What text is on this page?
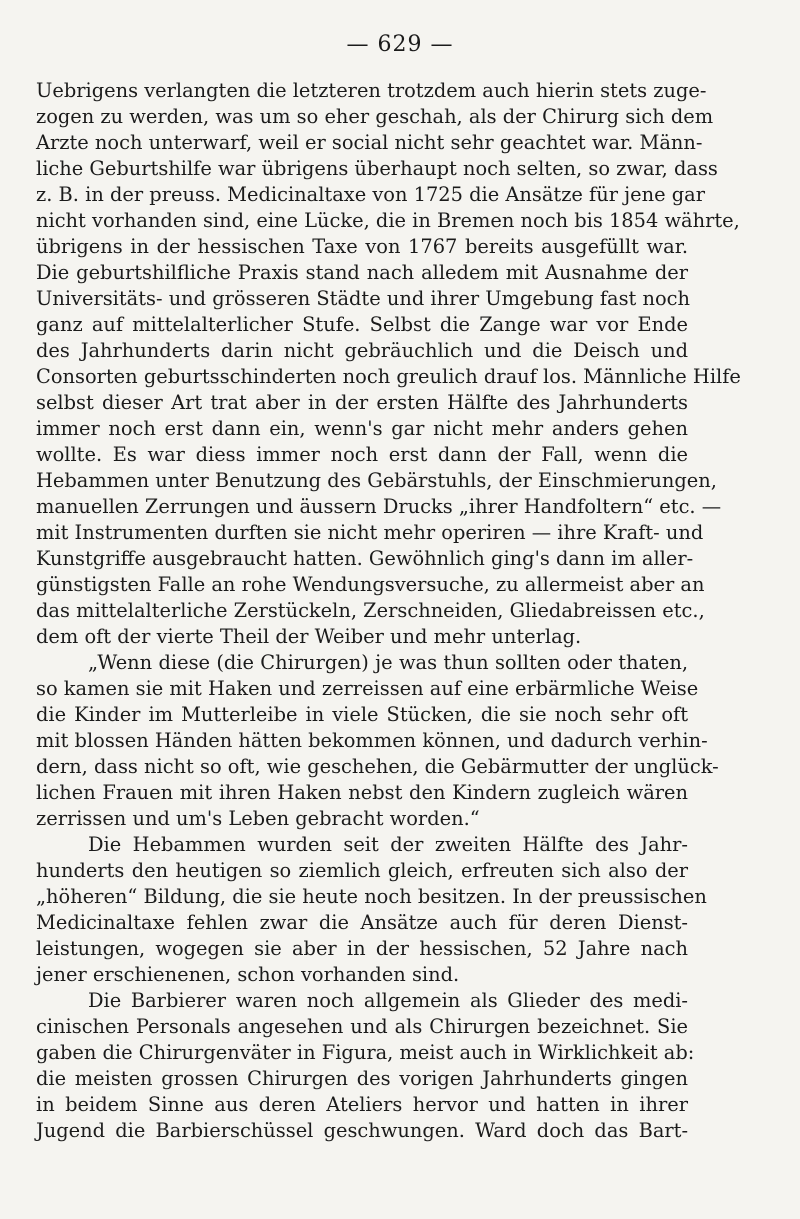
— 629 —
Uebrigens verlangten die letzteren trotzdem auch hierin stets zuge-
zogen zu werden, was um so eher geschah, als der Chirurg sich dem
Arzte noch unterwarf, weil er social nicht sehr geachtet war. Männ-
liche Geburtshilfe war übrigens überhaupt noch selten, so zwar, dass
z. B. in der preuss. Medicinaltaxe von 1725 die Ansätze für jene gar
nicht vorhanden sind, eine Lücke, die in Bremen noch bis 1854 währte,
übrigens in der hessischen Taxe von 1767 bereits ausgefüllt war.
Die geburtshilfliche Praxis stand nach alledem mit Ausnahme der
Universitäts- und grösseren Städte und ihrer Umgebung fast noch
ganz auf mittelalterlicher Stufe. Selbst die Zange war vor Ende
des Jahrhunderts darin nicht gebräuchlich und die Deisch und
Consorten geburtsschinderten noch greulich drauf los. Männliche Hilfe
selbst dieser Art trat aber in der ersten Hälfte des Jahrhunderts
immer noch erst dann ein, wenn's gar nicht mehr anders gehen
wollte. Es war diess immer noch erst dann der Fall, wenn die
Hebammen unter Benutzung des Gebärstuhls, der Einschmierungen,
manuellen Zerrungen und äussern Drucks „ihrer Handfoltern“ etc. —
mit Instrumenten durften sie nicht mehr operiren — ihre Kraft- und
Kunstgriffe ausgebraucht hatten. Gewöhnlich ging's dann im aller-
günstigsten Falle an rohe Wendungsversuche, zu allermeist aber an
das mittelalterliche Zerstückeln, Zerschneiden, Gliedabreissen etc.,
dem oft der vierte Theil der Weiber und mehr unterlag.
„Wenn diese (die Chirurgen) je was thun sollten oder thaten,
so kamen sie mit Haken und zerreissen auf eine erbärmliche Weise
die Kinder im Mutterleibe in viele Stücken, die sie noch sehr oft
mit blossen Händen hätten bekommen können, und dadurch verhin-
dern, dass nicht so oft, wie geschehen, die Gebärmutter der unglück-
lichen Frauen mit ihren Haken nebst den Kindern zugleich wären
zerrissen und um's Leben gebracht worden.“
Die Hebammen wurden seit der zweiten Hälfte des Jahr-
hunderts den heutigen so ziemlich gleich, erfreuten sich also der
„höheren“ Bildung, die sie heute noch besitzen. In der preussischen
Medicinaltaxe fehlen zwar die Ansätze auch für deren Dienst-
leistungen, wogegen sie aber in der hessischen, 52 Jahre nach
jener erschienenen, schon vorhanden sind.
Die Barbierer waren noch allgemein als Glieder des medi-
cinischen Personals angesehen und als Chirurgen bezeichnet. Sie
gaben die Chirurgenväter in Figura, meist auch in Wirklichkeit ab:
die meisten grossen Chirurgen des vorigen Jahrhunderts gingen
in beidem Sinne aus deren Ateliers hervor und hatten in ihrer
Jugend die Barbierschüssel geschwungen. Ward doch das Bart-
